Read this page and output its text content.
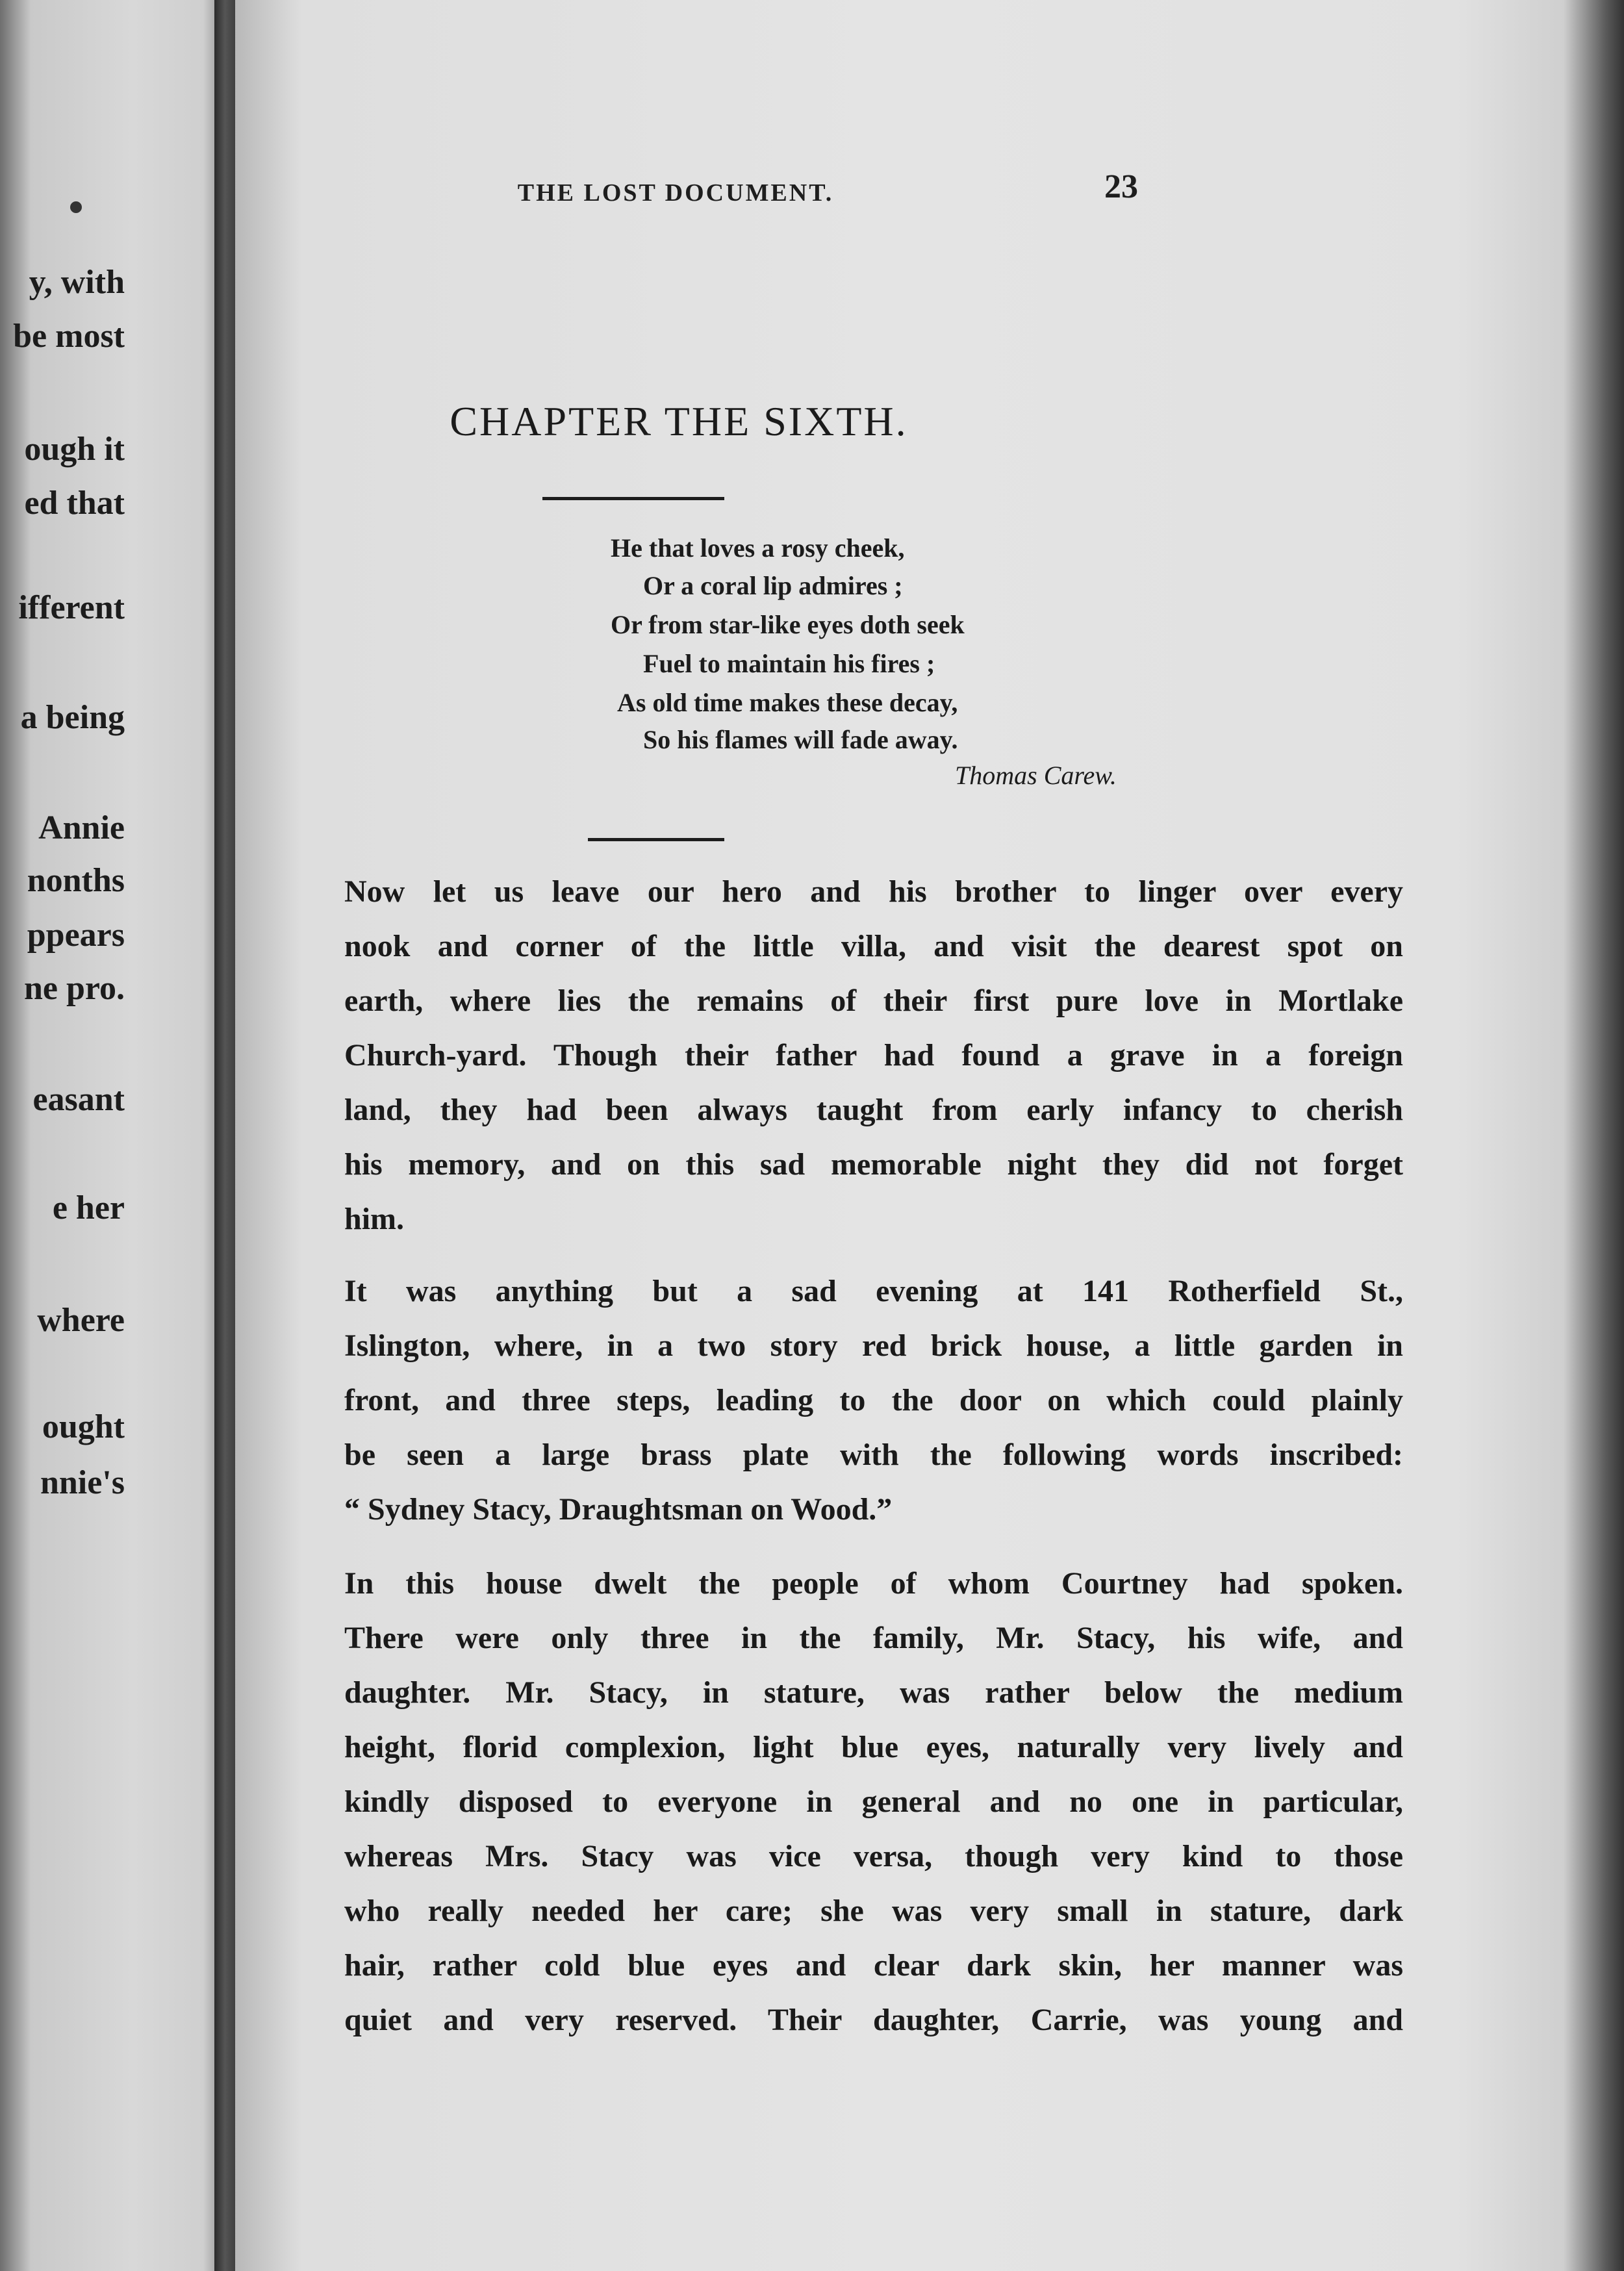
y, with
be most
ough it
ed that
ifferent
a being
Annie
nonths
ppears
ne pro.
easant
e her
where
ought
nnie's
THE LOST DOCUMENT.	23
CHAPTER THE SIXTH.
He that loves a rosy cheek,
Or a coral lip admires ;
Or from star-like eyes doth seek
Fuel to maintain his fires ;
As old time makes these decay,
So his flames will fade away.
Thomas Carew.
Now let us leave our hero and his brother to linger over every
nook and corner of the little villa, and visit the dearest spot on
earth, where lies the remains of their first pure love in Mortlake
Church-yard. Though their father had found a grave in a foreign
land, they had been always taught from early infancy to cherish
his memory, and on this sad memorable night they did not forget
him.
It was anything but a sad evening at 141 Rotherfield St.,
Islington, where, in a two story red brick house, a little garden in
front, and three steps, leading to the door on which could plainly
be seen a large brass plate with the following words inscribed:
“ Sydney Stacy, Draughtsman on Wood.”
In this house dwelt the people of whom Courtney had spoken.
There were only three in the family, Mr. Stacy, his wife, and
daughter. Mr. Stacy, in stature, was rather below the medium
height, florid complexion, light blue eyes, naturally very lively and
kindly disposed to everyone in general and no one in particular,
whereas Mrs. Stacy was vice versa, though very kind to those
who really needed her care; she was very small in stature, dark
hair, rather cold blue eyes and clear dark skin, her manner was
quiet and very reserved. Their daughter, Carrie, was young and
